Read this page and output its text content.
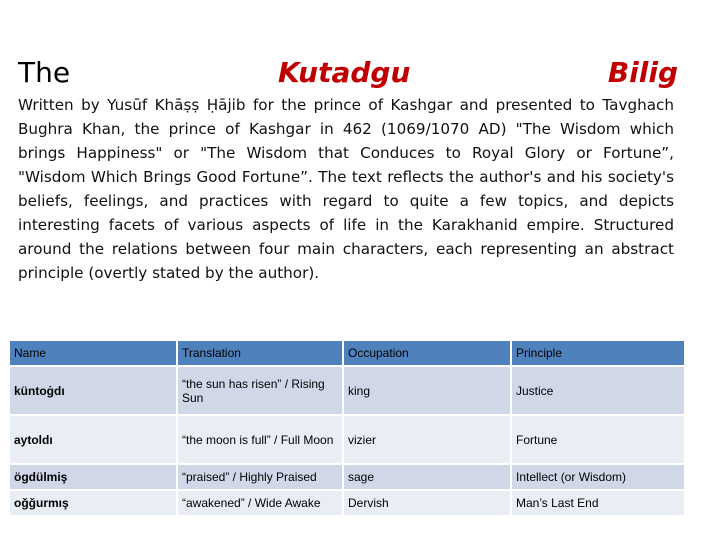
The	Kutadgu	Bilig
Written by Yusūf Khāṣṣ Ḥājib for the prince of Kashgar and presented to Tavghach Bughra Khan, the prince of Kashgar in 462 (1069/1070 AD) "The Wisdom which brings Happiness" or "The Wisdom that Conduces to Royal Glory or Fortune”, "Wisdom Which Brings Good Fortune”. The text reflects the author's and his society's beliefs, feelings, and practices with regard to quite a few topics, and depicts interesting facets of various aspects of life in the Karakhanid empire. Structured around the relations between four main characters, each representing an abstract principle (overtly stated by the author).
Name	Translation	Occupation	Principle
küntoġdı	“the sun has risen” / Rising Sun	king	Justice
aytoldı	“the moon is full” / Full Moon	vizier	Fortune
ögdülmiş	“praised” / Highly Praised	sage	Intellect (or Wisdom)
oǧǧurmış	“awakened” / Wide Awake	Dervish	Man’s Last End
